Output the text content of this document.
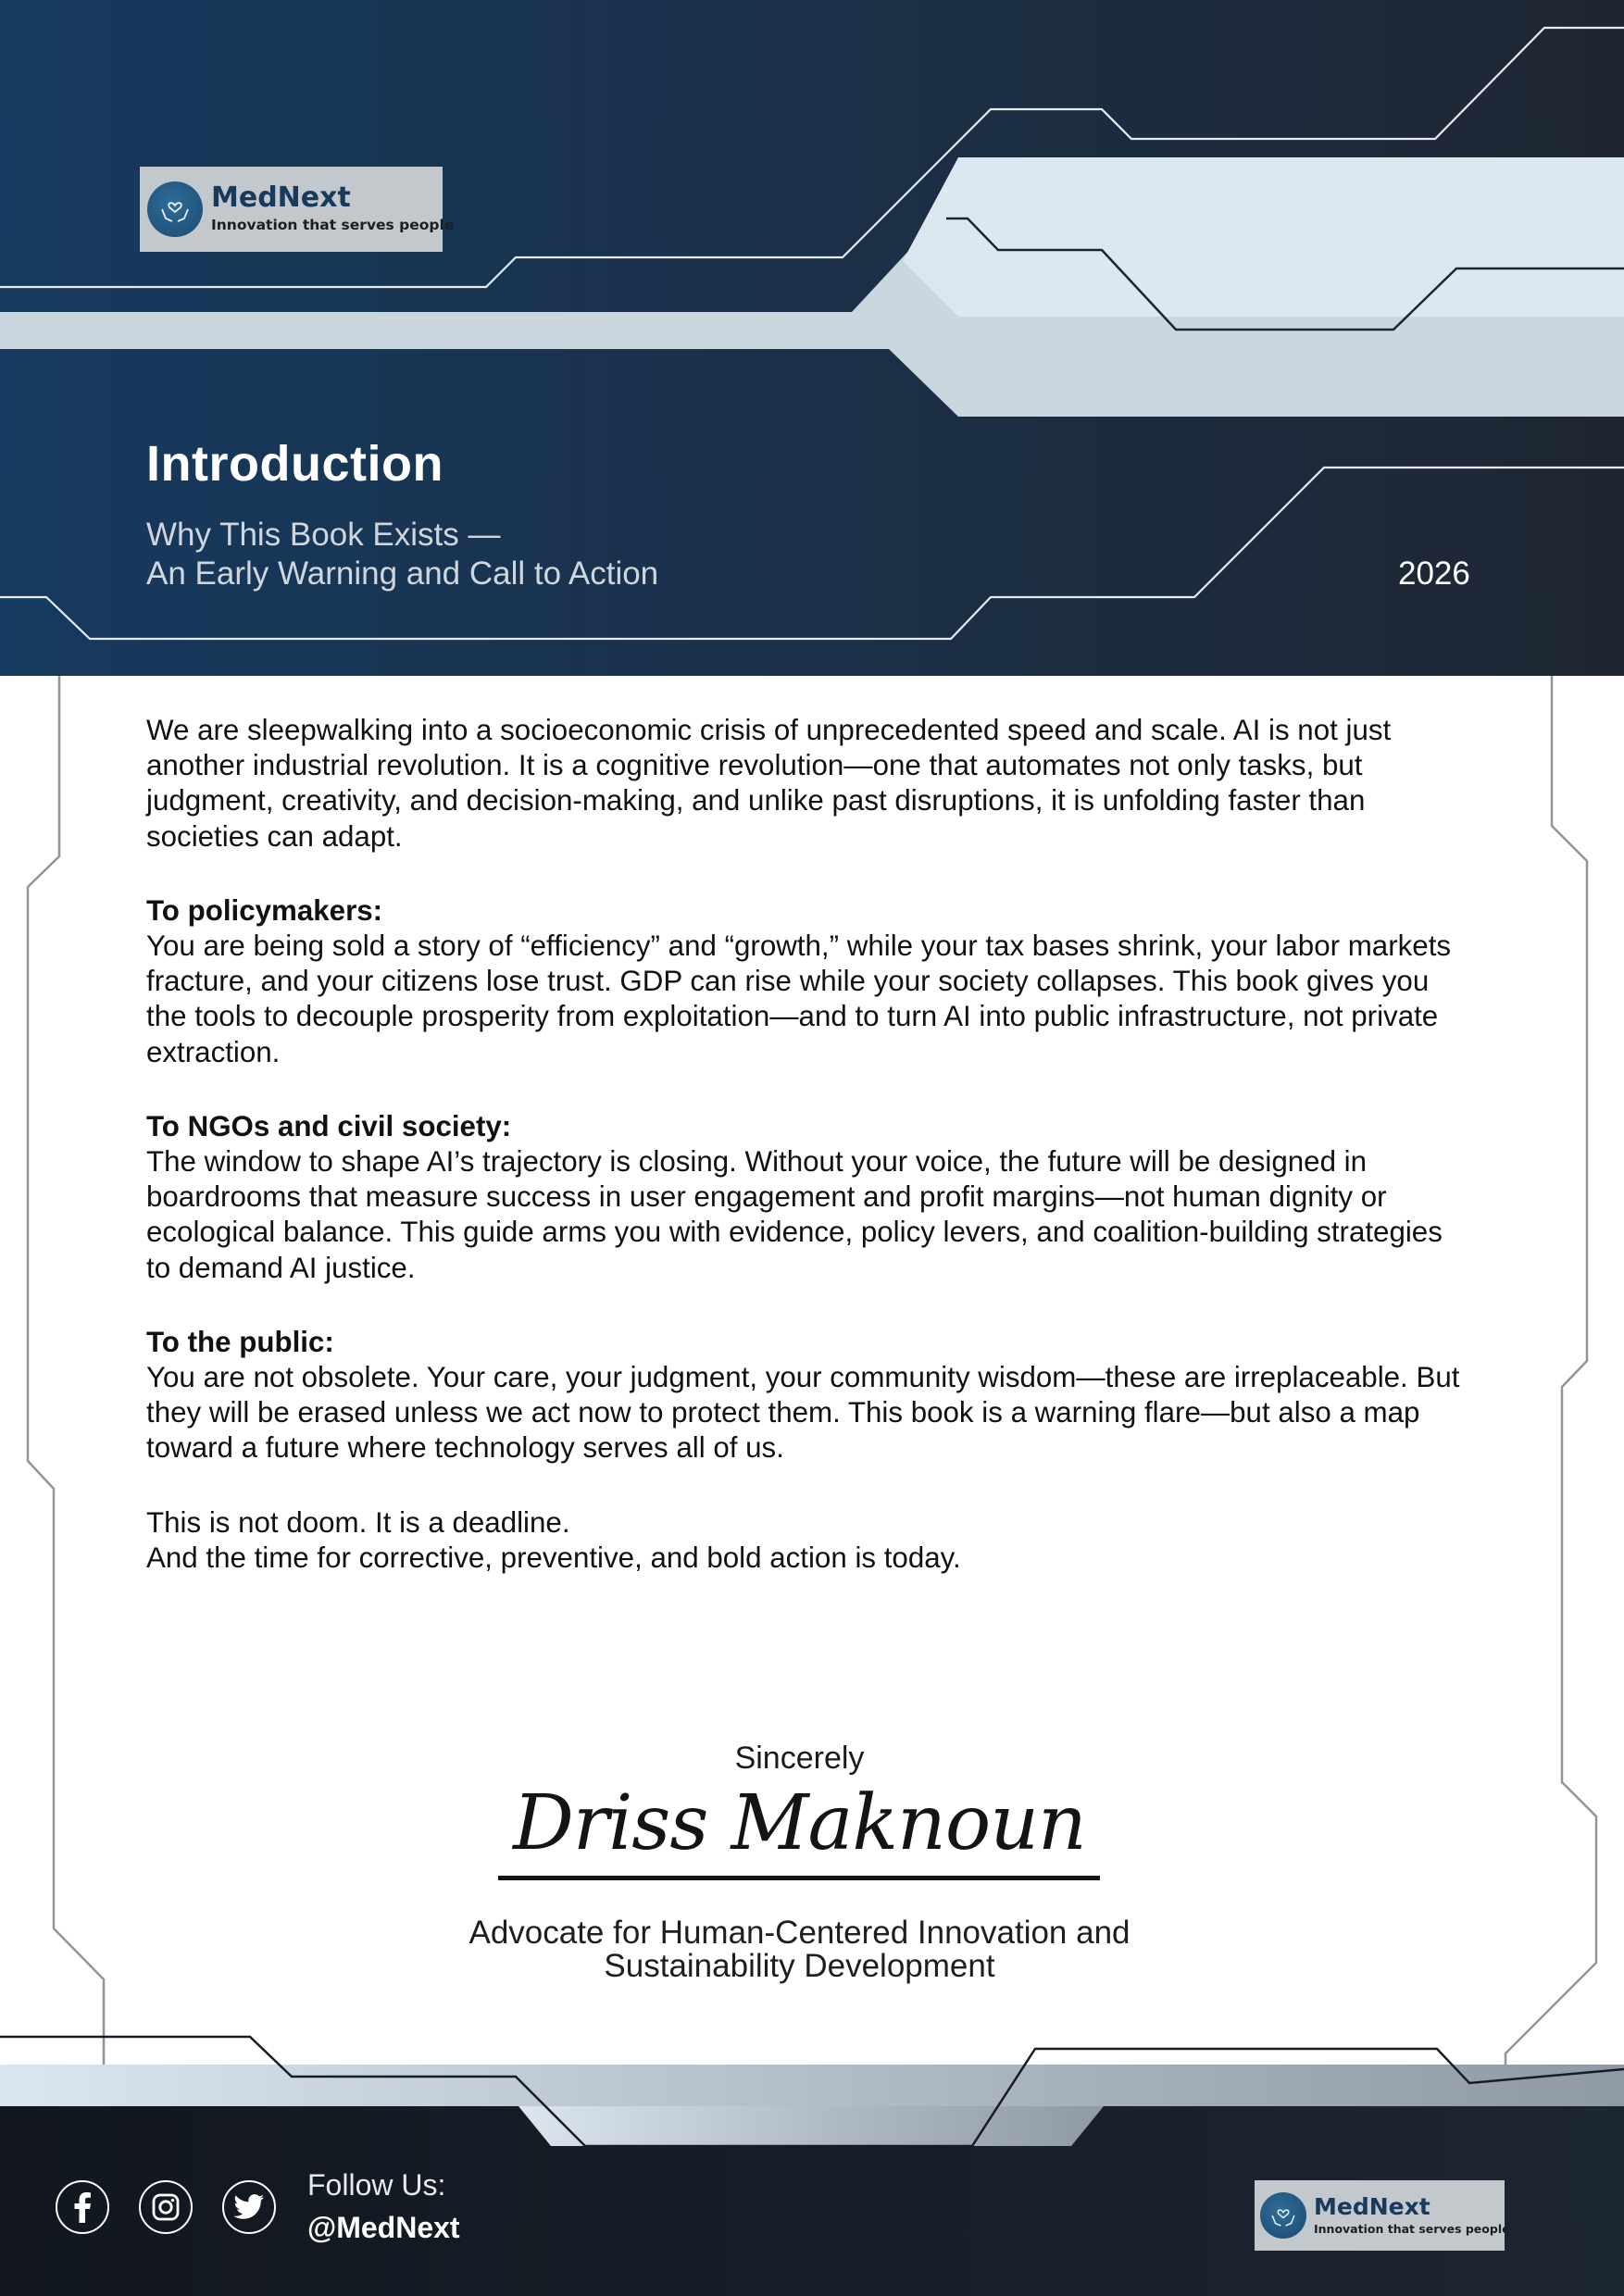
MedNext
Innovation that serves people
Introduction
Why This Book Exists —
An Early Warning and Call to Action	2026

We are sleepwalking into a socioeconomic crisis of unprecedented speed and scale. AI is not just another industrial revolution. It is a cognitive revolution—one that automates not only tasks, but judgment, creativity, and decision-making, and unlike past disruptions, it is unfolding faster than societies can adapt.

To policymakers:
You are being sold a story of “efficiency” and “growth,” while your tax bases shrink, your labor markets fracture, and your citizens lose trust. GDP can rise while your society collapses. This book gives you the tools to decouple prosperity from exploitation—and to turn AI into public infrastructure, not private extraction.

To NGOs and civil society:
The window to shape AI’s trajectory is closing. Without your voice, the future will be designed in boardrooms that measure success in user engagement and profit margins—not human dignity or ecological balance. This guide arms you with evidence, policy levers, and coalition-building strategies to demand AI justice.

To the public:
You are not obsolete. Your care, your judgment, your community wisdom—these are irreplaceable. But they will be erased unless we act now to protect them. This book is a warning flare—but also a map toward a future where technology serves all of us.

This is not doom. It is a deadline.
And the time for corrective, preventive, and bold action is today.

Sincerely
Driss Maknoun
Advocate for Human-Centered Innovation and
Sustainability Development
Follow Us:
@MedNext
MedNext
Innovation that serves people
